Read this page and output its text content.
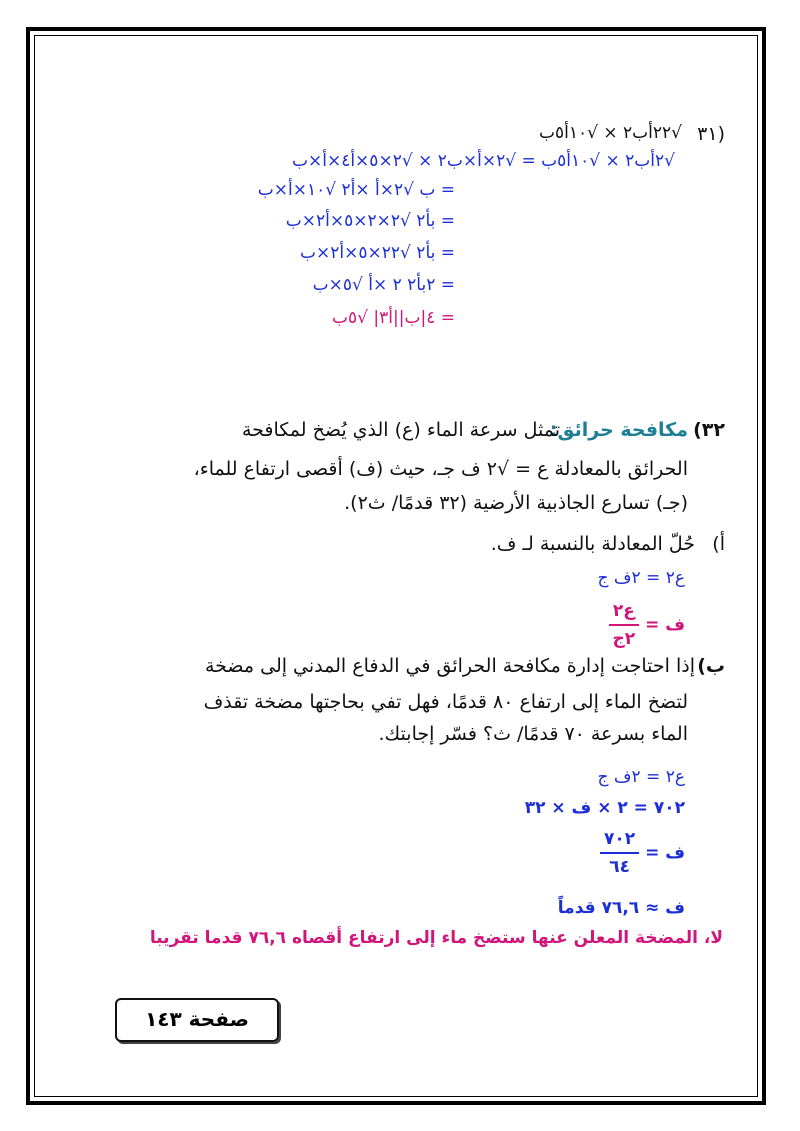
(٣١
√٢٢أب٢ × √١٠أ٥ب
√٢أب٢ × √١٠أ٥ب = √٢×أ×ب٢ × √٢×٥×أ٤×أ×ب
= ب √٢×أ ×أ٢ √١٠×أ×ب
= بأ٢ √٢×٢×٥×أ٢×ب
= بأ٢ √٢٢×٥×أ٢×ب
= ٢بأ٢ ٢ ×أ √٥×ب
= ٤|ب||أ٣| √٥ب
٣٢)
مكافحة حرائق:
تمثل سرعة الماء (ع) الذي يُضخ لمكافحة
الحرائق بالمعادلة ع = √٢ ف جـ، حيث (ف) أقصى ارتفاع للماء،
(جـ) تسارع الجاذبية الأرضية (٣٢ قدمًا/ ث٢).
أ)
حُلّ المعادلة بالنسبة لـ ف.
ع٢ = ٢ف ج
ف =
$\frac{\text{ع٢}}{\text{٢ج}}$
ب)
إذا احتاجت إدارة مكافحة الحرائق في الدفاع المدني إلى مضخة
لتضخ الماء إلى ارتفاع ٨٠ قدمًا، فهل تفي بحاجتها مضخة تقذف
الماء بسرعة ٧٠ قدمًا/ ث؟ فسّر إجابتك.
ع٢ = ٢ف ج
٧٠٢ = ٢ × ف × ٣٢
ف =
$\frac{٧٠٢}{٦٤}$
ف ≈ ٧٦,٦ قدماً
لا، المضخة المعلن عنها ستضخ ماء إلى ارتفاع أقصاه ٧٦,٦ قدما تقريبا
صفحة ١٤٣
